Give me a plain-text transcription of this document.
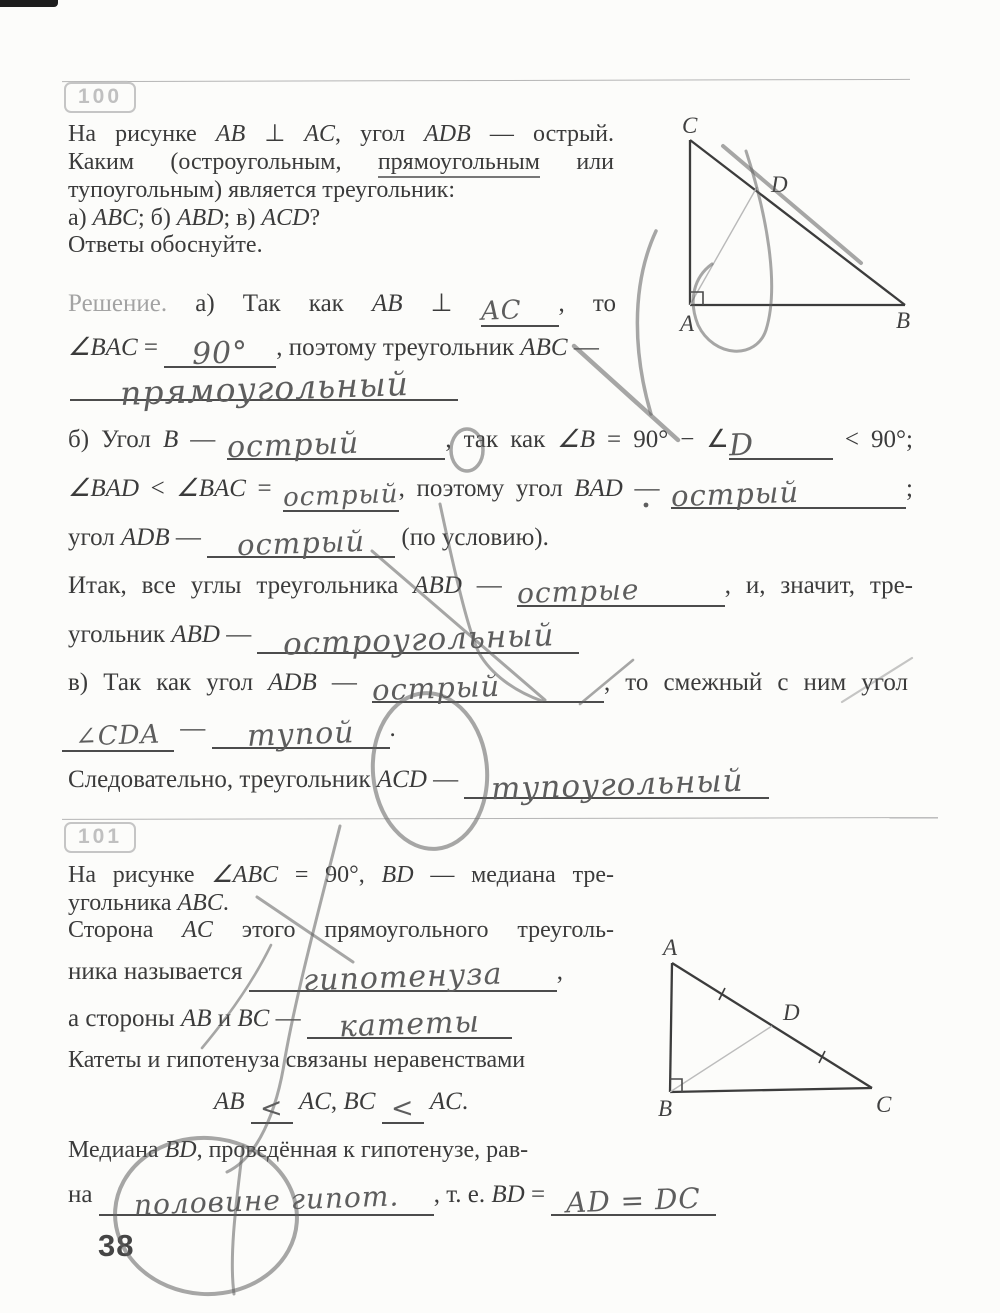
100
На рисунке AB ⊥ AC, угол ADB — острый.
Каким (остроугольным, прямоугольным или
тупоугольным) является треугольник:
а) ABC; б) ABD; в) ACD?
Ответы обоснуйте.
C
D
A	B
Решение. а) Так как AB ⊥ AC , то
∠BAC = 90° , поэтому треугольник ABC —
прямоугольный
б) Угол B — острый	, так как ∠B = 90° − ∠D	< 90°;
∠BAD < ∠BAC = острый, поэтому угол BAD — острый	;
угол ADB — острый (по условию).
Итак, все углы треугольника ABD — острые	, и, значит, тре-
угольник ABD — остроугольный
в) Так как угол ADB — острый	, то смежный с ним угол
∠CDA — тупой .
Следовательно, треугольник ACD — тупоугольный
101
На рисунке ∠ABC = 90°, BD — медиана тре-
угольника ABC.
Сторона AC этого прямоугольного треуголь-
ника называется гипотенуза ,
а стороны AB и BC — катеты
Катеты и гипотенуза связаны неравенствами
AB < AC, BC < AC.
Медиана BD, проведённая к гипотенузе, рав-
на половине гипот. , т. е. BD = AD = DC
A
B	C
D
38
